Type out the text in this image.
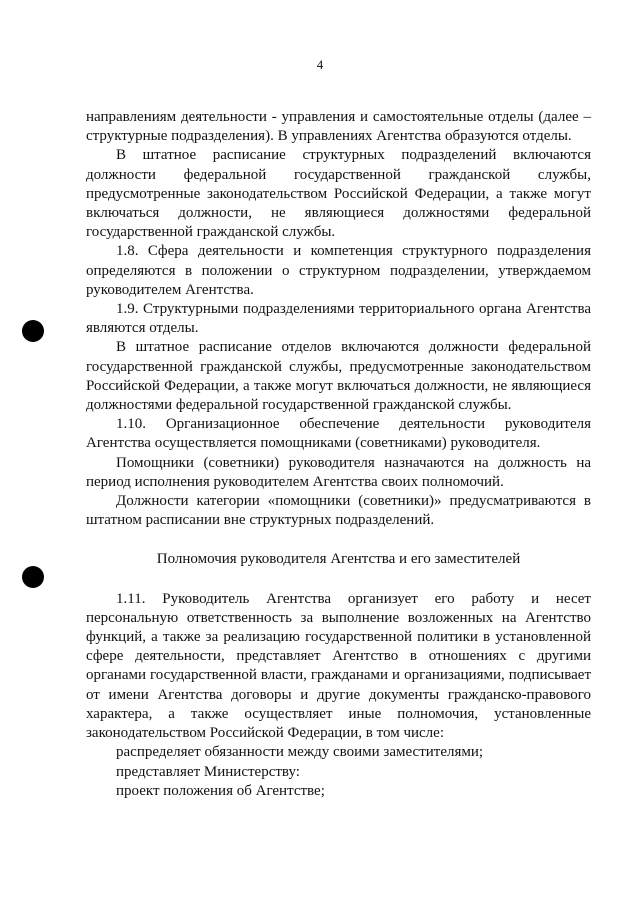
4

направлениям деятельности - управления и самостоятельные отделы (далее – структурные подразделения). В управлениях Агентства образуются отделы.

В штатное расписание структурных подразделений включаются должности федеральной государственной гражданской службы, предусмотренные законодательством Российской Федерации, а также могут включаться должности, не являющиеся должностями федеральной государственной гражданской службы.

1.8. Сфера деятельности и компетенция структурного подразделения определяются в положении о структурном подразделении, утверждаемом руководителем Агентства.

1.9. Структурными подразделениями территориального органа Агентства являются отделы.

В штатное расписание отделов включаются должности федеральной государственной гражданской службы, предусмотренные законодательством Российской Федерации, а также могут включаться должности, не являющиеся должностями федеральной государственной гражданской службы.

1.10. Организационное обеспечение деятельности руководителя Агентства осуществляется помощниками (советниками) руководителя.

Помощники (советники) руководителя назначаются на должность на период исполнения руководителем Агентства своих полномочий.

Должности категории «помощники (советники)» предусматриваются в штатном расписании вне структурных подразделений.

Полномочия руководителя Агентства и его заместителей

1.11. Руководитель Агентства организует его работу и несет персональную ответственность за выполнение возложенных на Агентство функций, а также за реализацию государственной политики в установленной сфере деятельности, представляет Агентство в отношениях с другими органами государственной власти, гражданами и организациями, подписывает от имени Агентства договоры и другие документы гражданско-правового характера, а также осуществляет иные полномочия, установленные законодательством Российской Федерации, в том числе:

распределяет обязанности между своими заместителями;

представляет Министерству:

проект положения об Агентстве;
